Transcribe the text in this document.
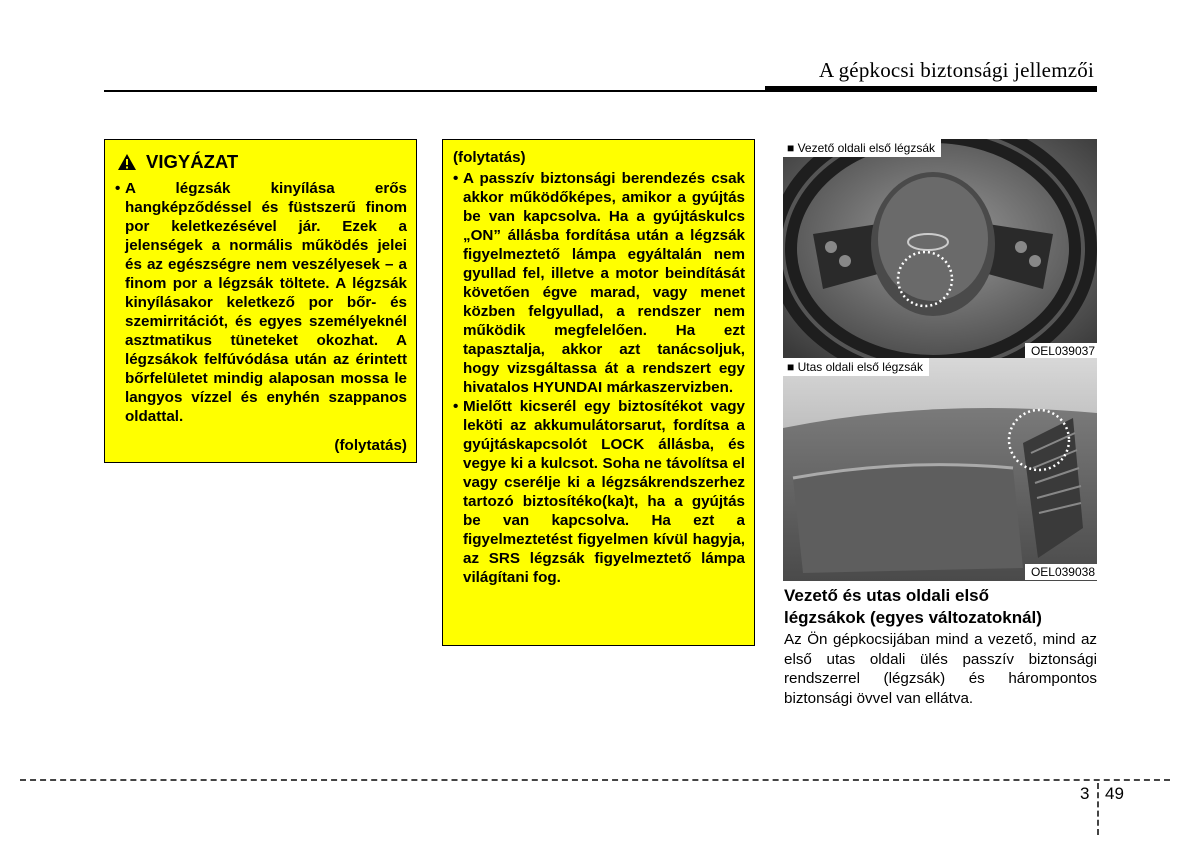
A gépkocsi biztonsági jellemzői
VIGYÁZAT
• A légzsák kinyílása erős hangképződéssel és füstszerű finom por keletkezésével jár. Ezek a jelenségek a normális működés jelei és az egészségre nem veszélyesek – a finom por a légzsák töltete. A légzsák kinyílásakor keletkező por bőr- és szemirritációt, és egyes személyeknél asztmatikus tüneteket okozhat. A légzsákok felfúvódása után az érintett bőrfelületet mindig alaposan mossa le langyos vízzel és enyhén szappanos oldattal.
(folytatás)
(folytatás)
• A passzív biztonsági berendezés csak akkor működőképes, amikor a gyújtás be van kapcsolva. Ha a gyújtáskulcs „ON” állásba fordítása után a légzsák figyelmeztető lámpa egyáltalán nem gyullad fel, illetve a motor beindítását követően égve marad, vagy menet közben felgyullad, a rendszer nem működik megfelelően. Ha ezt tapasztalja, akkor azt tanácsoljuk, hogy vizsgáltassa át a rendszert egy hivatalos HYUNDAI márkaszervizben.
• Mielőtt kicserél egy biztosítékot vagy leköti az akkumulátorsarut, fordítsa a gyújtáskapcsolót LOCK állásba, és vegye ki a kulcsot. Soha ne távolítsa el vagy cserélje ki a légzsákrendszerhez tartozó biztosítéko(ka)t, ha a gyújtás be van kapcsolva. Ha ezt a figyelmeztetést figyelmen kívül hagyja, az SRS légzsák figyelmeztető lámpa világítani fog.
■ Vezető oldali első légzsák
OEL039037
■ Utas oldali első légzsák
OEL039038
Vezető és utas oldali első
légzsákok (egyes változatoknál)
Az Ön gépkocsijában mind a vezető, mind az első utas oldali ülés passzív biztonsági rendszerrel (légzsák) és hárompontos biztonsági övvel van ellátva.
3 49
